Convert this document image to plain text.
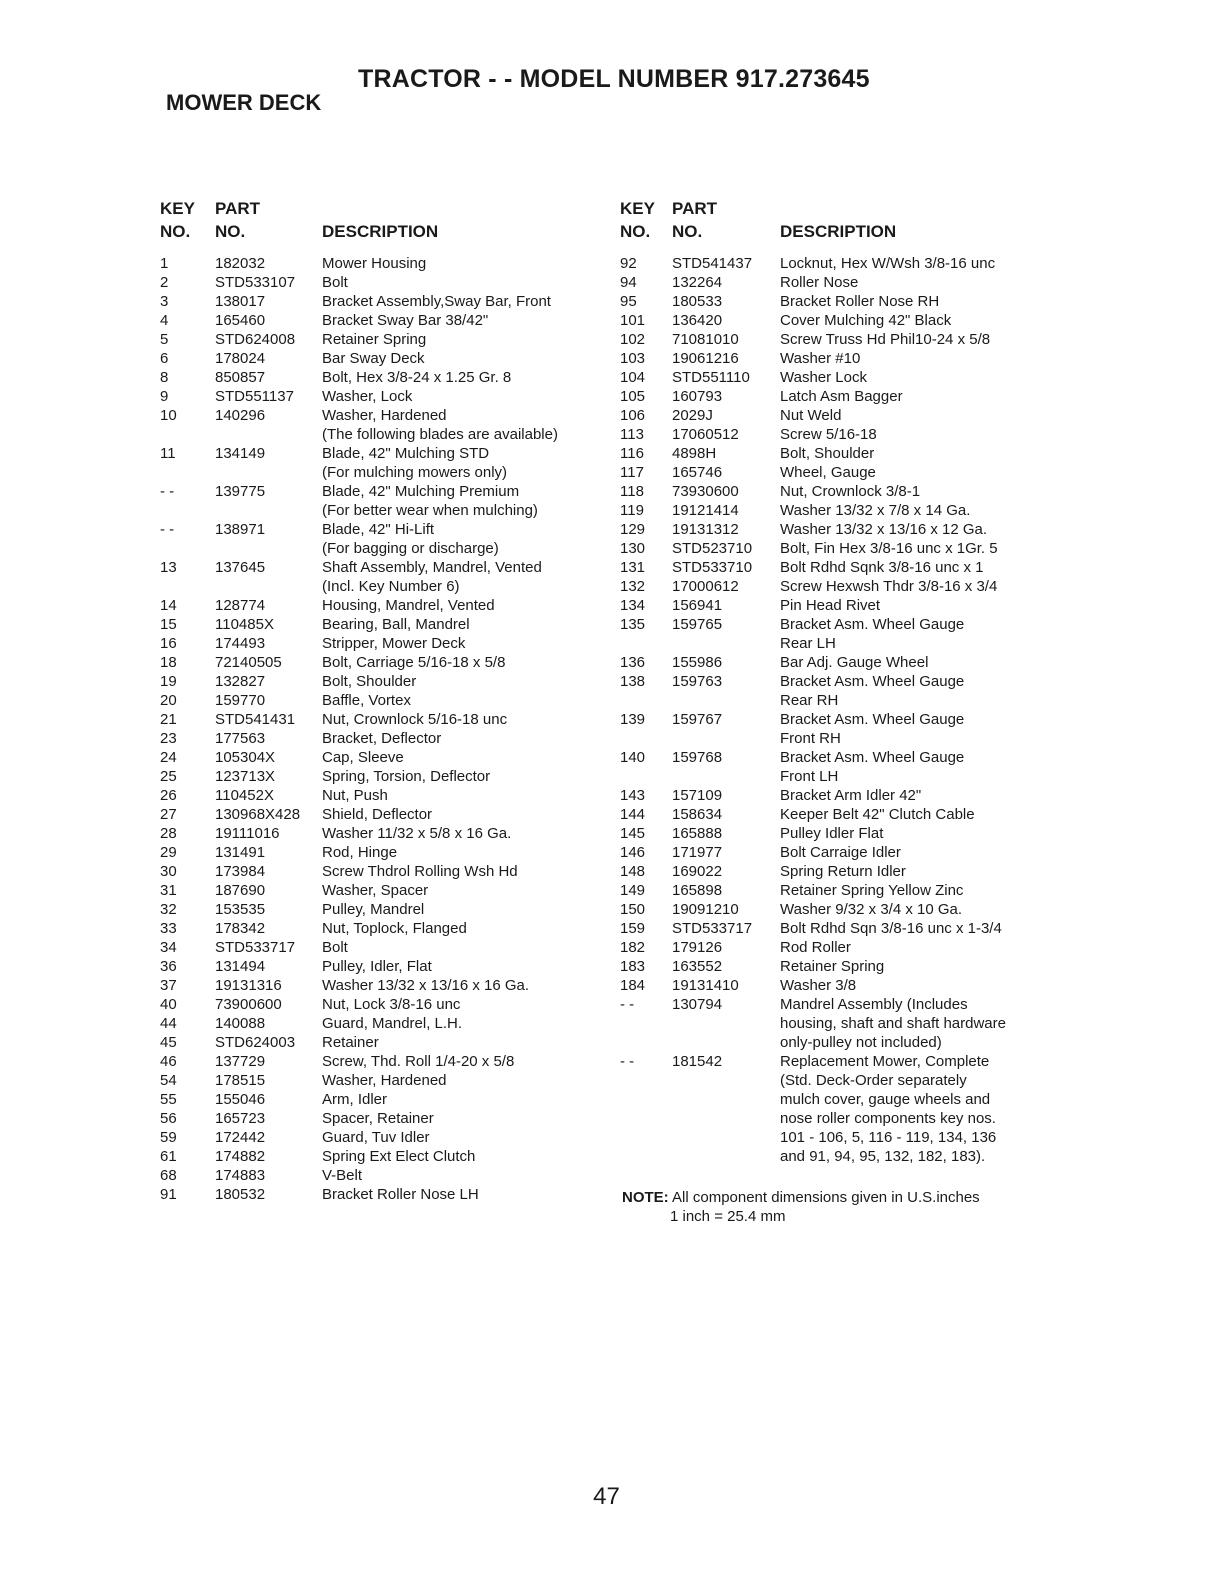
TRACTOR - - MODEL NUMBER 917.273645
MOWER DECK
KEY
NO.
PART
NO.	DESCRIPTION
1	182032	Mower Housing
2	STD533107 Bolt
3	138017	Bracket Assembly,Sway Bar, Front
4	165460	Bracket Sway Bar 38/42"
5	STD624008 Retainer Spring
6	178024	Bar Sway Deck
8	850857	Bolt, Hex 3/8-24 x 1.25 Gr. 8
9	STD551137 Washer, Lock
10	140296	Washer, Hardened
(The following blades are available)
11	134149	Blade, 42" Mulching STD
(For mulching mowers only)
- -	139775	Blade, 42" Mulching Premium
(For better wear when mulching)
- -	138971	Blade, 42" Hi-Lift
(For bagging or discharge)
13	137645	Shaft Assembly, Mandrel, Vented
(Incl. Key Number 6)
14	128774	Housing, Mandrel, Vented
15	110485X	Bearing, Ball, Mandrel
16	174493	Stripper, Mower Deck
18	72140505	Bolt, Carriage 5/16-18 x 5/8
19	132827	Bolt, Shoulder
20	159770	Baffle, Vortex
21	STD541431 Nut, Crownlock 5/16-18 unc
23	177563	Bracket, Deflector
24	105304X	Cap, Sleeve
25	123713X	Spring, Torsion, Deflector
26	110452X	Nut, Push
27	130968X428 Shield, Deflector
28	19111016	Washer 11/32 x 5/8 x 16 Ga.
29	131491	Rod, Hinge
30	173984	Screw Thdrol Rolling Wsh Hd
31	187690	Washer, Spacer
32	153535	Pulley, Mandrel
33	178342	Nut, Toplock, Flanged
34	STD533717 Bolt
36	131494	Pulley, Idler, Flat
37	19131316	Washer 13/32 x 13/16 x 16 Ga.
40	73900600	Nut, Lock 3/8-16 unc
44	140088	Guard, Mandrel, L.H.
45	STD624003 Retainer
46	137729	Screw, Thd. Roll 1/4-20 x 5/8
54	178515	Washer, Hardened
55	155046	Arm, Idler
56	165723	Spacer, Retainer
59	172442	Guard, Tuv Idler
61	174882	Spring Ext Elect Clutch
68	174883	V-Belt
91	180532	Bracket Roller Nose LH
KEY
NO.
PART
NO.	DESCRIPTION
92 STD541437 Locknut, Hex W/Wsh 3/8-16 unc
94 132264	Roller Nose
95 180533	Bracket Roller Nose RH
101 136420	Cover Mulching 42" Black
102 71081010	Screw Truss Hd Phil10-24 x 5/8
103 19061216	Washer #10
104 STD551110 Washer Lock
105 160793	Latch Asm Bagger
106 2029J	Nut Weld
113 17060512	Screw 5/16-18
116 4898H	Bolt, Shoulder
117 165746	Wheel, Gauge
118 73930600	Nut, Crownlock 3/8-1
119 19121414	Washer 13/32 x 7/8 x 14 Ga.
129 19131312	Washer 13/32 x 13/16 x 12 Ga.
130 STD523710 Bolt, Fin Hex 3/8-16 unc x 1Gr. 5
131 STD533710 Bolt Rdhd Sqnk 3/8-16 unc x 1
132 17000612	Screw Hexwsh Thdr 3/8-16 x 3/4
134 156941	Pin Head Rivet
135 159765	Bracket Asm. Wheel Gauge
Rear LH
136 155986	Bar Adj. Gauge Wheel
138 159763	Bracket Asm. Wheel Gauge
Rear RH
139 159767	Bracket Asm. Wheel Gauge
Front RH
140 159768	Bracket Asm. Wheel Gauge
Front LH
143 157109	Bracket Arm Idler 42"
144 158634	Keeper Belt 42" Clutch Cable
145 165888	Pulley Idler Flat
146 171977	Bolt Carraige Idler
148 169022	Spring Return Idler
149 165898	Retainer Spring Yellow Zinc
150 19091210	Washer 9/32 x 3/4 x 10 Ga.
159 STD533717 Bolt Rdhd Sqn 3/8-16 unc x 1-3/4
182 179126	Rod Roller
183 163552	Retainer Spring
184 19131410	Washer 3/8
- -	130794	Mandrel Assembly (Includes
housing, shaft and shaft hardware
only-pulley not included)
- -	181542	Replacement Mower, Complete
(Std. Deck-Order separately
mulch cover, gauge wheels and
nose roller components key nos.
101 - 106, 5, 116 - 119, 134, 136
and 91, 94, 95, 132, 182, 183).
NOTE: All component dimensions given in U.S.inches
1 inch = 25.4 mm
47
